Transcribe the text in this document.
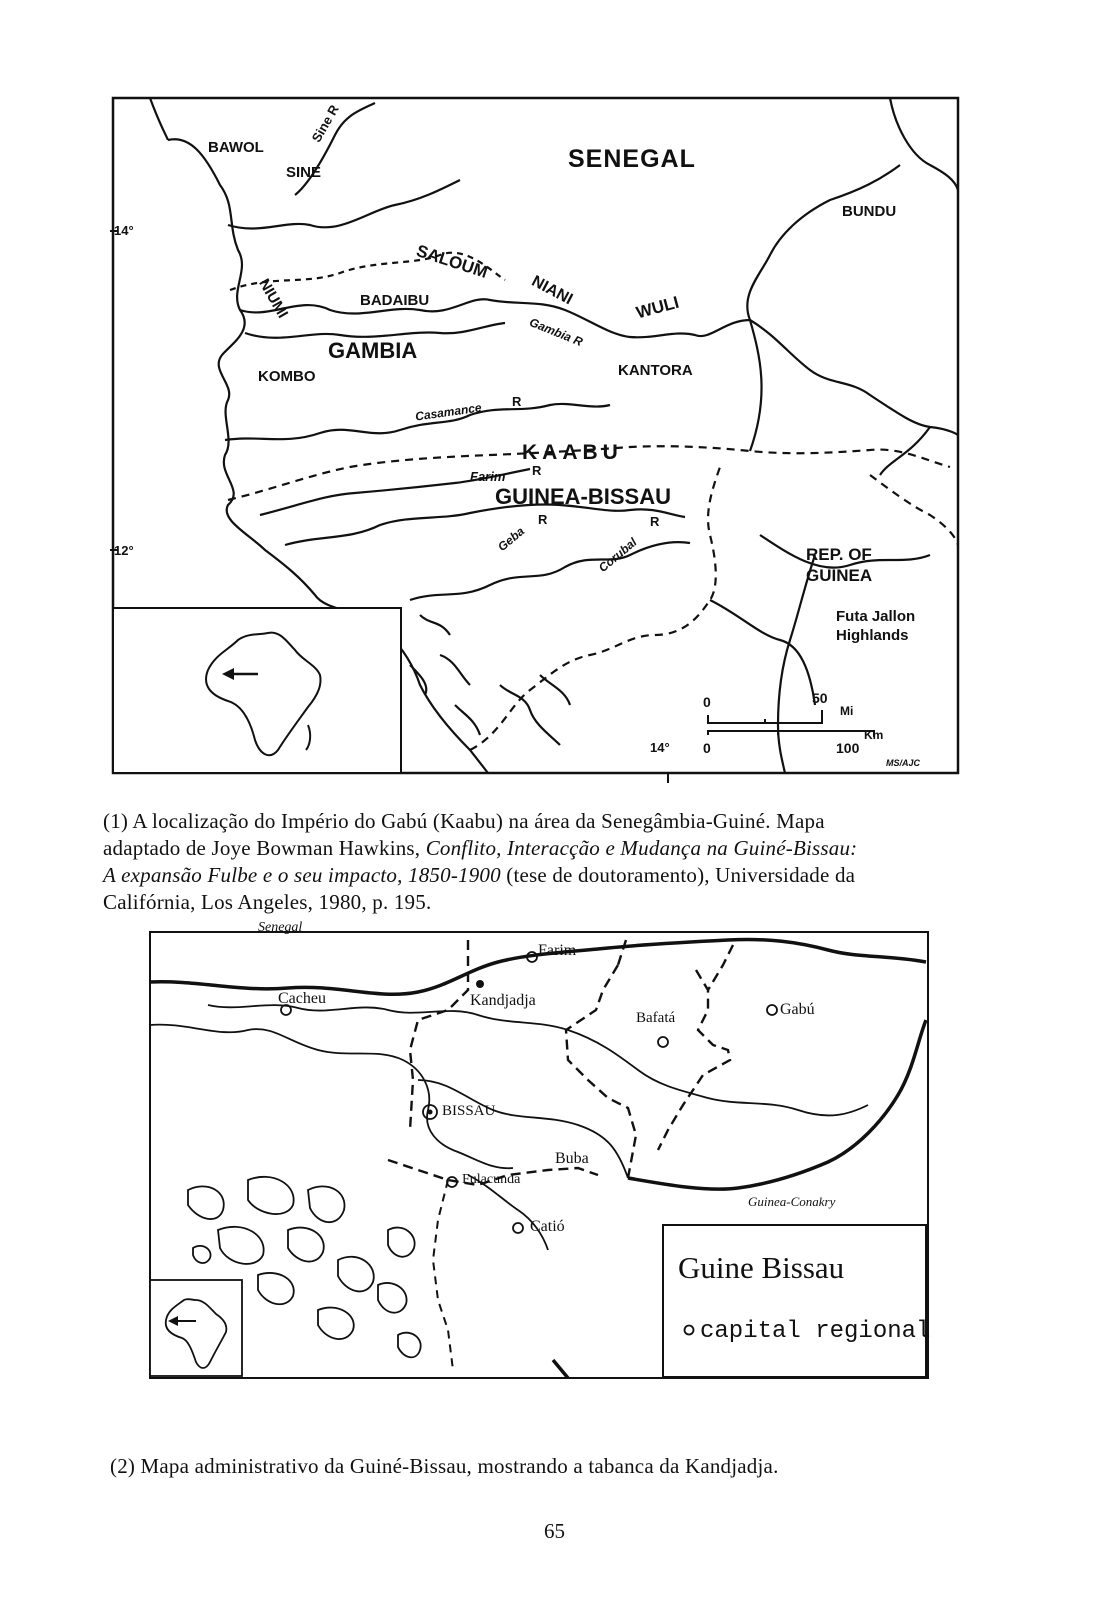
BAWOL
SINE
Sine R
SENEGAL
BUNDU
SALOUM
NIANI	WULI
NIUMI	BADAIBU
GAMBIA
Gambia R
KOMBO	KANTORA
Casamance R
KAABU
Farim R
GUINEA-BISSAU
Geba
R
Corubal
R
REP. OF
GUINEA
Futa Jallon
Highlands
14°
12°
14°
0	50
Mi
0	100
Km
MS/AJC
(1) A localização do Império do Gabú (Kaabu) na área da Senegâmbia-Guiné. Mapa
adaptado de Joye Bowman Hawkins, Conflito, Interacção e Mudança na Guiné-Bissau:
A expansão Fulbe e o seu impacto, 1850-1900 (tese de doutoramento), Universidade da
Califórnia, Los Angeles, 1980, p. 195.
Senegal
Farim
Kandjadja
Cacheu
Bafatá	Gabú
BISSAU
Buba
Fulacunda
Catió
Guinea-Conakry
Guine Bissau
capital regional
(2) Mapa administrativo da Guiné-Bissau, mostrando a tabanca da Kandjadja.
65
